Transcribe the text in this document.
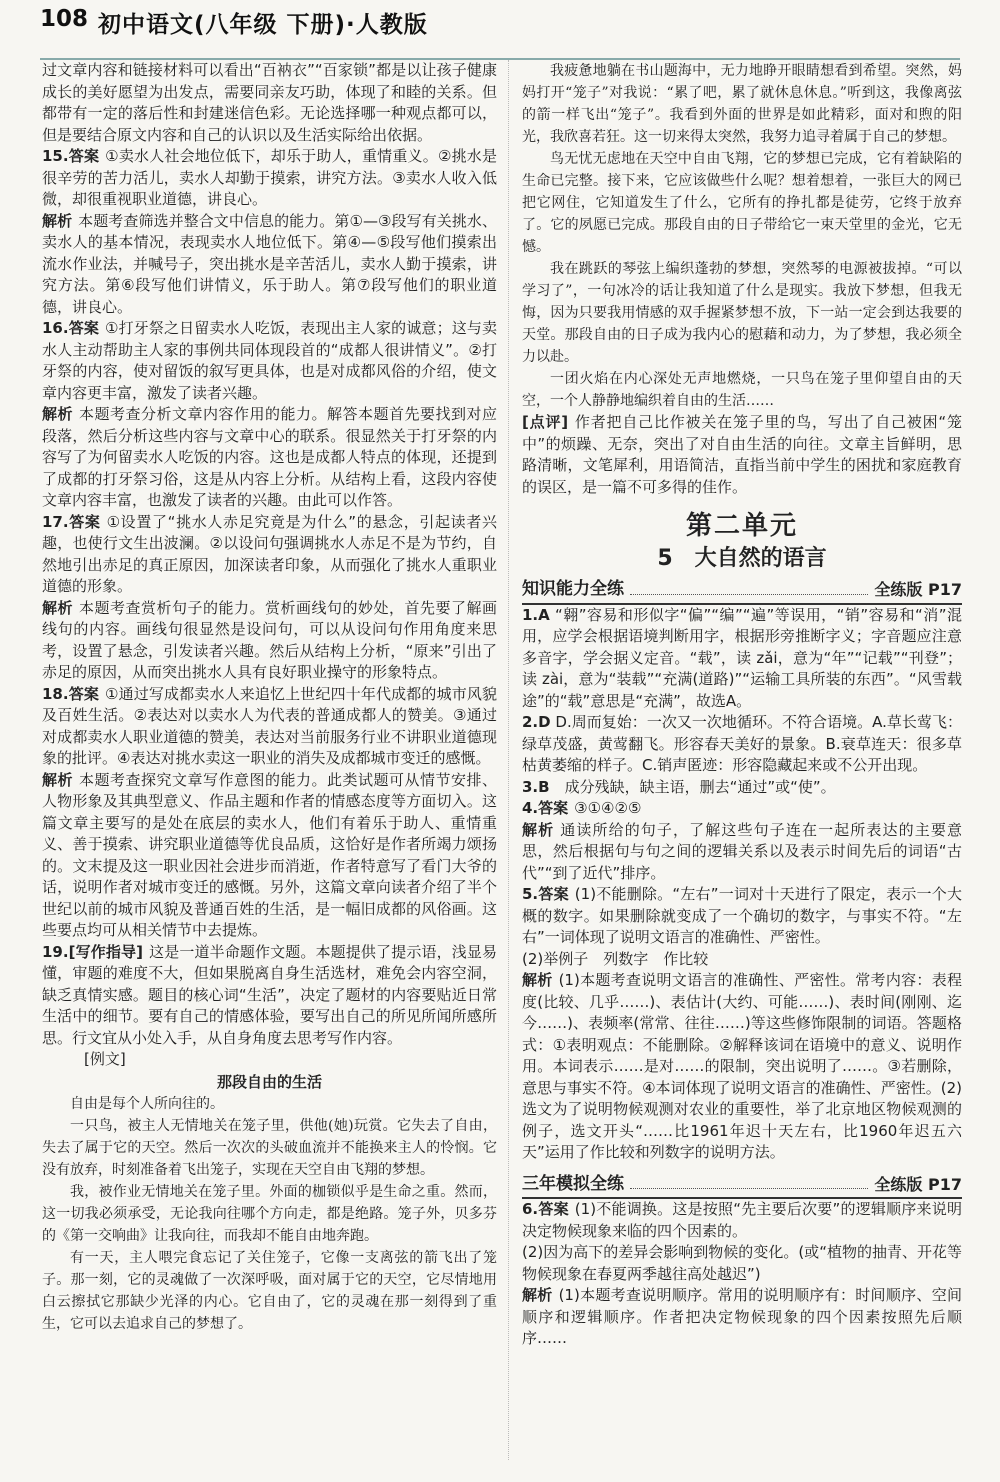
108 初中语文(八年级 下册)·人教版

过文章内容和链接材料可以看出“百衲衣”“百家锁”都是以让孩子健康成长的美好愿望为出发点，需要同亲友巧助，体现了和睦的关系。但都带有一定的落后性和封建迷信色彩。无论选择哪一种观点都可以，但是要结合原文内容和自己的认识以及生活实际给出依据。

15.答案 ①卖水人社会地位低下，却乐于助人，重情重义。②挑水是很辛劳的苦力活儿，卖水人却勤于摸索，讲究方法。③卖水人收入低微，却很重视职业道德，讲良心。

解析 本题考查筛选并整合文中信息的能力。第①—③段写有关挑水、卖水人的基本情况，表现卖水人地位低下。第④—⑤段写他们摸索出流水作业法，并喊号子，突出挑水是辛苦活儿，卖水人勤于摸索，讲究方法。第⑥段写他们讲情义，乐于助人。第⑦段写他们的职业道德，讲良心。

16.答案 ①打牙祭之日留卖水人吃饭，表现出主人家的诚意；这与卖水人主动帮助主人家的事例共同体现段首的“成都人很讲情义”。②打牙祭的内容，使对留饭的叙写更具体，也是对成都风俗的介绍，使文章内容更丰富，激发了读者兴趣。

解析 本题考查分析文章内容作用的能力。解答本题首先要找到对应段落，然后分析这些内容与文章中心的联系。很显然关于打牙祭的内容写了为何留卖水人吃饭的内容。这也是成都人特点的体现，还提到了成都的打牙祭习俗，这是从内容上分析。从结构上看，这段内容使文章内容丰富，也激发了读者的兴趣。由此可以作答。

17.答案 ①设置了“挑水人赤足究竟是为什么”的悬念，引起读者兴趣，也使行文生出波澜。②以设问句强调挑水人赤足不是为节约，自然地引出赤足的真正原因，加深读者印象，从而强化了挑水人重职业道德的形象。

解析 本题考查赏析句子的能力。赏析画线句的妙处，首先要了解画线句的内容。画线句很显然是设问句，可以从设问句作用角度来思考，设置了悬念，引发读者兴趣。然后从结构上分析，“原来”引出了赤足的原因，从而突出挑水人具有良好职业操守的形象特点。

18.答案 ①通过写成都卖水人来追忆上世纪四十年代成都的城市风貌及百姓生活。②表达对以卖水人为代表的普通成都人的赞美。③通过对成都卖水人职业道德的赞美，表达对当前服务行业不讲职业道德现象的批评。④表达对挑水卖这一职业的消失及成都城市变迁的感慨。

解析 本题考查探究文章写作意图的能力。此类试题可从情节安排、人物形象及其典型意义、作品主题和作者的情感态度等方面切入。这篇文章主要写的是处在底层的卖水人，他们有着乐于助人、重情重义、善于摸索、讲究职业道德等优良品质，这恰好是作者所竭力颂扬的。文末提及这一职业因社会进步而消逝，作者特意写了看门大爷的话，说明作者对城市变迁的感慨。另外，这篇文章向读者介绍了半个世纪以前的城市风貌及普通百姓的生活，是一幅旧成都的风俗画。这些要点均可从相关情节中去提炼。

19.[写作指导] 这是一道半命题作文题。本题提供了提示语，浅显易懂，审题的难度不大，但如果脱离自身生活选材，难免会内容空洞，缺乏真情实感。题目的核心词“生活”，决定了题材的内容要贴近日常生活中的细节。要有自己的情感体验，要写出自己的所见所闻所感所思。行文宜从小处入手，从自身角度去思考写作内容。

[例文]

那段自由的生活

自由是每个人所向往的。

一只鸟，被主人无情地关在笼子里，供他(她)玩赏。它失去了自由，失去了属于它的天空。然后一次次的头破血流并不能换来主人的怜悯。它没有放弃，时刻准备着飞出笼子，实现在天空自由飞翔的梦想。

我，被作业无情地关在笼子里。外面的枷锁似乎是生命之重。然而，这一切我必须承受，无论我向往哪个方向走，都是绝路。笼子外，贝多芬的《第一交响曲》让我向往，而我却不能自由地奔跑。

有一天，主人喂完食忘记了关住笼子，它像一支离弦的箭飞出了笼子。那一刻，它的灵魂做了一次深呼吸，面对属于它的天空，它尽情地用白云擦拭它那缺少光泽的内心。它自由了，它的灵魂在那一刻得到了重生，它可以去追求自己的梦想了。

我疲惫地躺在书山题海中，无力地睁开眼睛想看到希望。突然，妈妈打开“笼子”对我说：“累了吧，累了就休息休息。”听到这，我像离弦的箭一样飞出“笼子”。我看到外面的世界是如此精彩，面对和煦的阳光，我欣喜若狂。这一切来得太突然，我努力追寻着属于自己的梦想。

鸟无忧无虑地在天空中自由飞翔，它的梦想已完成，它有着缺陷的生命已完整。接下来，它应该做些什么呢？想着想着，一张巨大的网已把它网住，它知道发生了什么，它所有的挣扎都是徒劳，它终于放弃了。它的夙愿已完成。那段自由的日子带给它一束天堂里的金光，它无憾。

我在跳跃的琴弦上编织蓬勃的梦想，突然琴的电源被拔掉。“可以学习了”，一句冰冷的话让我知道了什么是现实。我放下梦想，但我无悔，因为只要我用情感的双手握紧梦想不放，下一站一定会到达我要的天堂。那段自由的日子成为我内心的慰藉和动力，为了梦想，我必须全力以赴。

一团火焰在内心深处无声地燃烧，一只鸟在笼子里仰望自由的天空，一个人静静地编织着自由的生活……

[点评] 作者把自己比作被关在笼子里的鸟，写出了自己被困“笼中”的烦躁、无奈，突出了对自由生活的向往。文章主旨鲜明，思路清晰，文笔犀利，用语简洁，直指当前中学生的困扰和家庭教育的误区，是一篇不可多得的佳作。

第二单元
5　大自然的语言
知识能力全练	全练版 P17

1.A “翱”容易和形似字“偏”“编”“遍”等误用，“销”容易和“消”混用，应学会根据语境判断用字，根据形旁推断字义；字音题应注意多音字，学会据义定音。“载”，读 zǎi，意为“年”“记载”“刊登”；读 zài，意为“装载”“充满(道路)”“运输工具所装的东西”。“风雪载途”的“载”意思是“充满”，故选A。

2.D D.周而复始：一次又一次地循环。不符合语境。A.草长莺飞：绿草茂盛，黄莺翻飞。形容春天美好的景象。B.衰草连天：很多草枯黄萎缩的样子。C.销声匿迹：形容隐藏起来或不公开出现。

3.B　 成分残缺，缺主语，删去“通过”或“使”。

4.答案 ③①④②⑤

解析 通读所给的句子，了解这些句子连在一起所表达的主要意思，然后根据句与句之间的逻辑关系以及表示时间先后的词语“古代”“到了近代”排序。

5.答案 (1)不能删除。“左右”一词对十天进行了限定，表示一个大概的数字。如果删除就变成了一个确切的数字，与事实不符。“左右”一词体现了说明文语言的准确性、严密性。

(2)举例子　列数字　作比较

解析 (1)本题考查说明文语言的准确性、严密性。常考内容：表程度(比较、几乎……)、表估计(大约、可能……)、表时间(刚刚、迄今……)、表频率(常常、往往……)等这些修饰限制的词语。答题格式：①表明观点：不能删除。②解释该词在语境中的意义、说明作用。本词表示……是对……的限制，突出说明了……。③若删除，意思与事实不符。④本词体现了说明文语言的准确性、严密性。(2)选文为了说明物候观测对农业的重要性，举了北京地区物候观测的例子，选文开头“……比1961年迟十天左右，比1960年迟五六天”运用了作比较和列数字的说明方法。

三年模拟全练	全练版 P17

6.答案 (1)不能调换。这是按照“先主要后次要”的逻辑顺序来说明决定物候现象来临的四个因素的。

(2)因为高下的差异会影响到物候的变化。(或“植物的抽青、开花等物候现象在春夏两季越往高处越迟”)

解析 (1)本题考查说明顺序。常用的说明顺序有：时间顺序、空间顺序和逻辑顺序。作者把决定物候现象的四个因素按照先后顺序……
